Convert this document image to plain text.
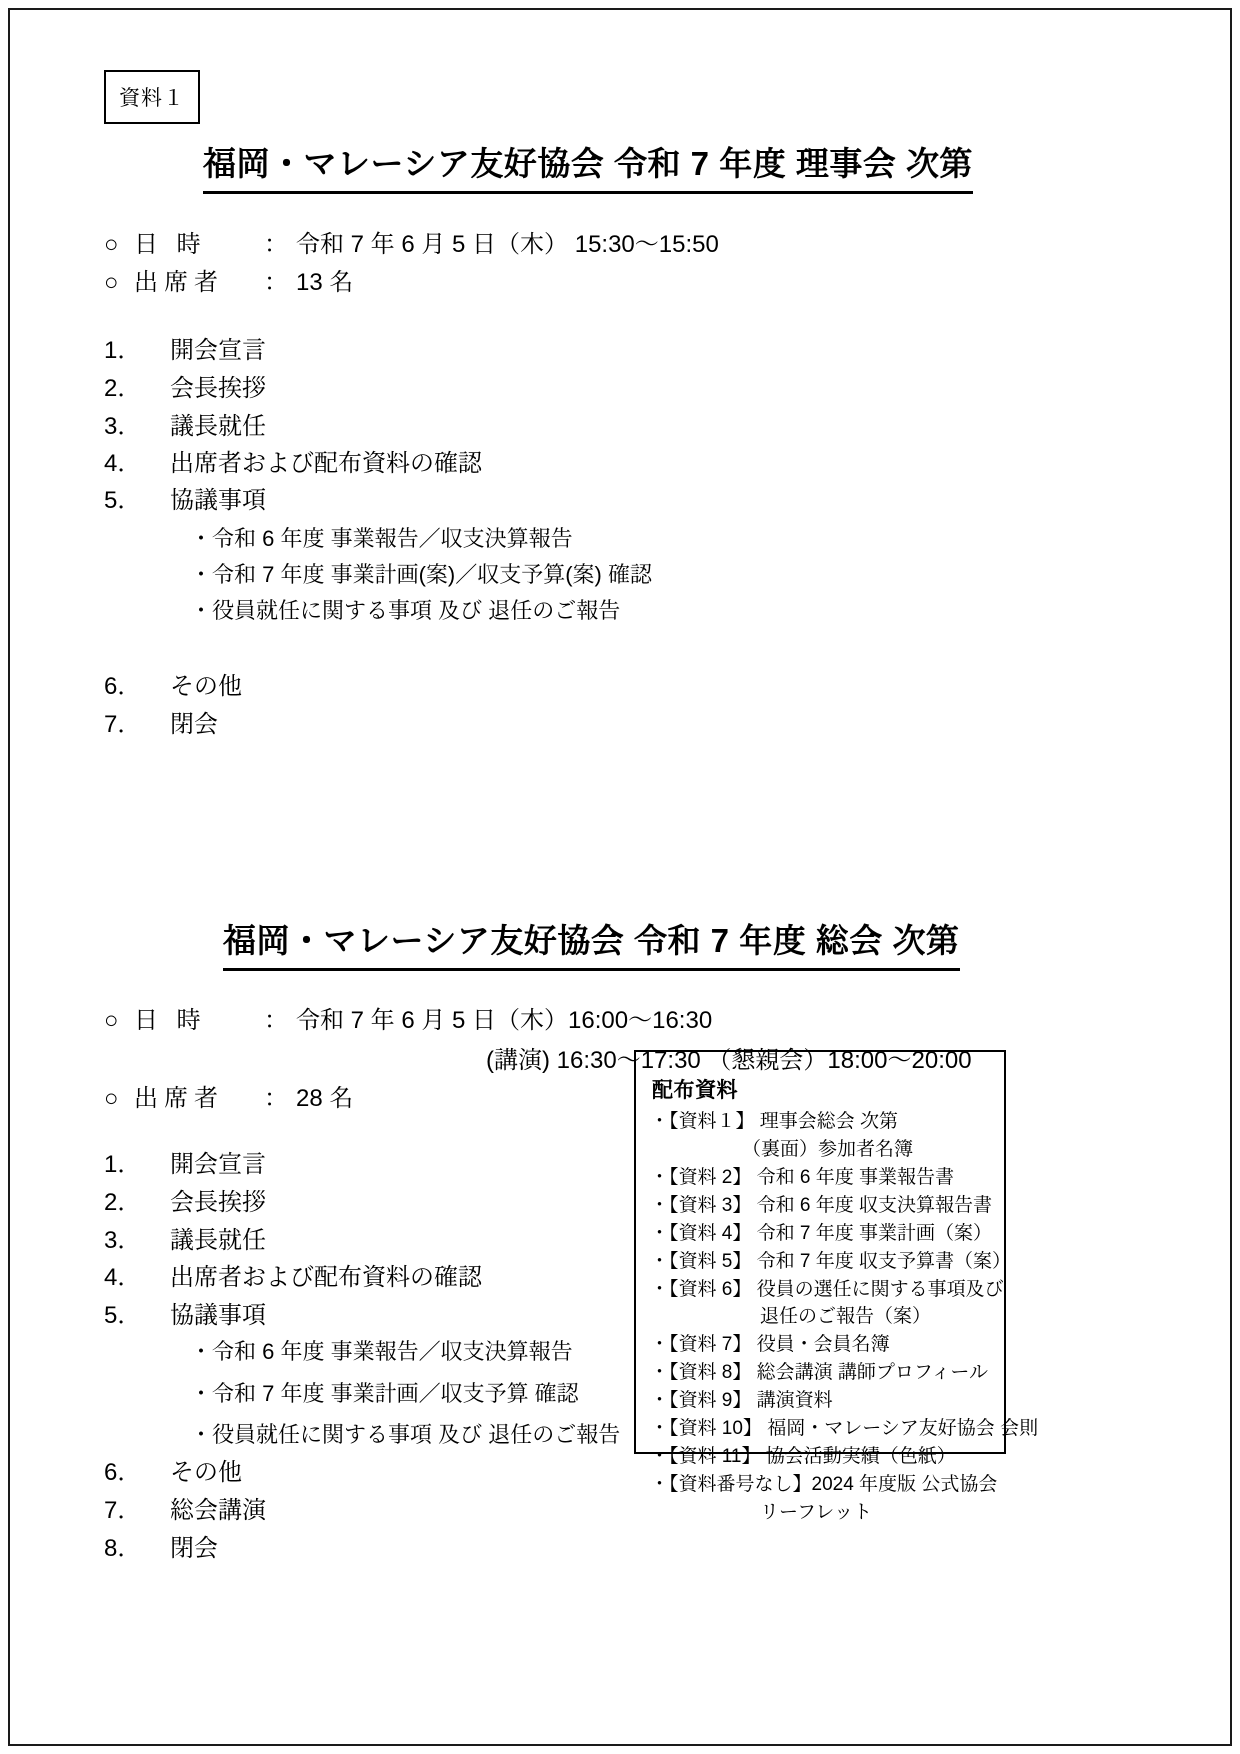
資料１
福岡・マレーシア友好協会 令和 7 年度 理事会 次第
○ 日 時	： 令和 7 年 6 月 5 日（木） 15:30〜15:50
○ 出席者	： 13 名
1．	開会宣言
2．	会長挨拶
3．	議長就任
4．	出席者および配布資料の確認
5．	協議事項
・令和 6 年度 事業報告／収支決算報告
・令和 7 年度 事業計画(案)／収支予算(案) 確認
・役員就任に関する事項 及び 退任のご報告
6．	その他
7．	閉会
福岡・マレーシア友好協会 令和 7 年度 総会 次第
○ 日 時	： 令和 7 年 6 月 5 日（木）16:00〜16:30
(講演) 16:30〜17:30 （懇親会）18:00〜20:00
○ 出席者	： 28 名
1．	開会宣言
2．	会長挨拶
3．	議長就任
4．	出席者および配布資料の確認
5．	協議事項
・令和 6 年度 事業報告／収支決算報告
・令和 7 年度 事業計画／収支予算 確認
・役員就任に関する事項 及び 退任のご報告
6．	その他
7．	総会講演
8．	閉会
配布資料
・【資料１】 理事会総会 次第
（裏面）参加者名簿
・【資料 2】 令和 6 年度 事業報告書
・【資料 3】 令和 6 年度 収支決算報告書
・【資料 4】 令和 7 年度 事業計画（案）
・【資料 5】 令和 7 年度 収支予算書（案）
・【資料 6】 役員の選任に関する事項及び
退任のご報告（案）
・【資料 7】 役員・会員名簿
・【資料 8】 総会講演 講師プロフィール
・【資料 9】 講演資料
・【資料 10】 福岡・マレーシア友好協会 会則
・【資料 11】 協会活動実績（色紙）
・【資料番号なし】2024 年度版 公式協会
リーフレット
